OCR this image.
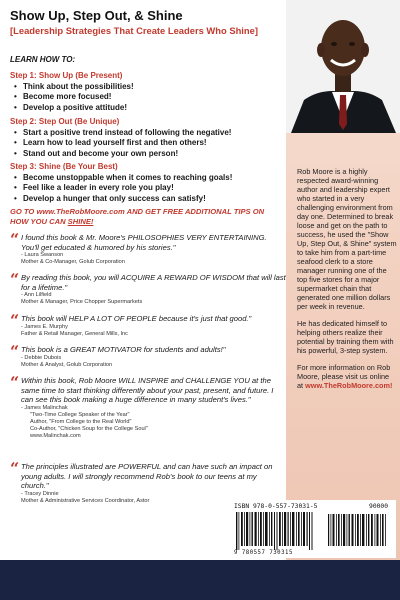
Show Up, Step Out, & Shine
[Leadership Strategies That Create Leaders Who Shine]
LEARN HOW TO:
Step 1: Show Up (Be Present)
• Think about the possibilities!
• Become more focused!
• Develop a positive attitude!
Step 2: Step Out (Be Unique)
• Start a positive trend instead of following the negative!
• Learn how to lead yourself first and then others!
• Stand out and become your own person!
Step 3: Shine (Be Your Best)
• Become unstoppable when it comes to reaching goals!
• Feel like a leader in every role you play!
• Develop a hunger that only success can satisfy!
GO TO www.TheRobMoore.com AND GET FREE ADDITIONAL TIPS ON HOW YOU CAN SHINE!
“ I found this book & Mr. Moore's PHILOSOPHIES VERY ENTERTAINING. You'll get educated & humored by his stories."
- Laura Swanson
Mother & Co-Manager, Golub Corporation
“ By reading this book, you will ACQUIRE A REWARD OF WISDOM that will last for a lifetime."
- Ann Lilfield
Mother & Manager, Price Chopper Supermarkets
“ This book will HELP A LOT OF PEOPLE because it's just that good."
- James E. Murphy
Father & Retail Manager, General Mills, Inc
“ This book is a GREAT MOTIVATOR for students and adults!"
- Debbie Dubois
Mother & Analyst, Golub Corporation
“ Within this book, Rob Moore WILL INSPIRE and CHALLENGE YOU at the same time to start thinking differently about your past, present, and future. I can see this book making a huge difference in many student's lives."
- James Malinchak
"Two-Time College Speaker of the Year"
Author, "From College to the Real World"
Co-Author, "Chicken Soup for the College Soul"
www.Malinchak.com
“ The principles illustrated are POWERFUL and can have such an impact on young adults. I will strongly recommend Rob's book to our teens at my church."
- Tracey Dinnie
Mother & Administrative Services Coordinator, Astor

Rob Moore is a highly respected award-winning author and leadership expert who started in a very challenging environment from day one. Determined to break loose and get on the path to success, he used the "Show Up, Step Out, & Shine" system to take him from a part-time seafood clerk to a store manager running one of the top five stores for a major supermarket chain that generated one million dollars per week in revenue.

He has dedicated himself to helping others realize their potential by training them with his powerful, 3-step system.

For more information on Rob Moore, please visit us online at www.TheRobMoore.com!

ISBN 978-0-557-73031-5	90000
9 780557 730315
